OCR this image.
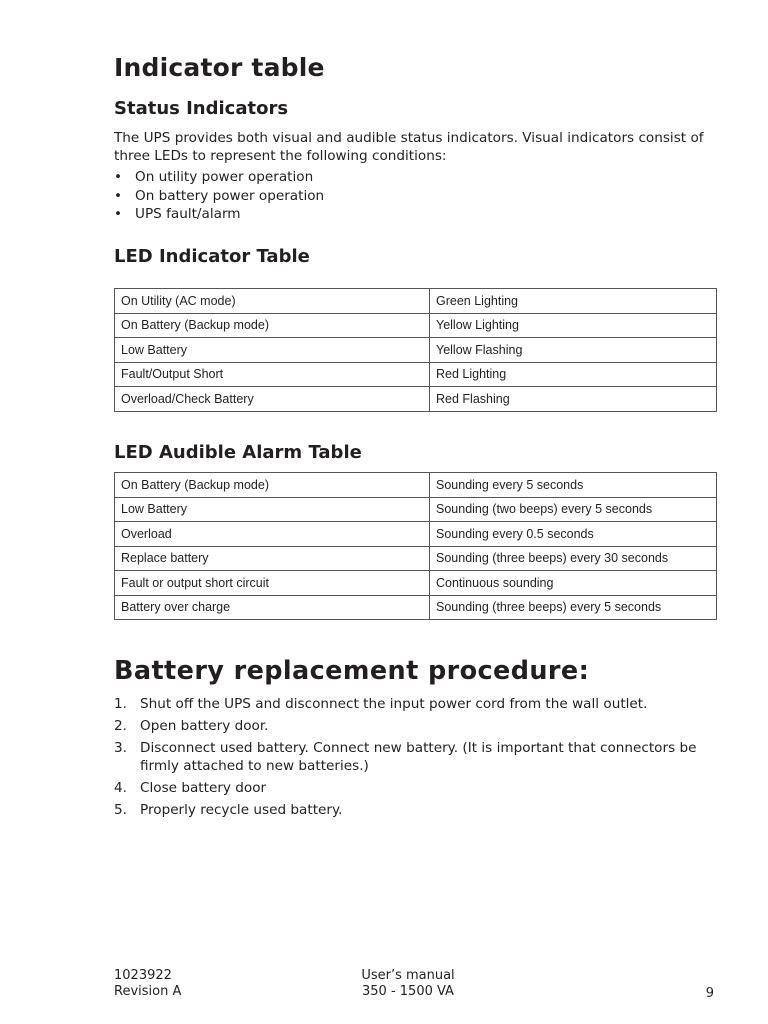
Indicator table
Status Indicators

The UPS provides both visual and audible status indicators. Visual indicators consist of three LEDs to represent the following conditions:

• On utility power operation
• On battery power operation
• UPS fault/alarm
LED Indicator Table
On Utility (AC mode)	Green Lighting
On Battery (Backup mode)	Yellow Lighting
Low Battery	Yellow Flashing
Fault/Output Short	Red Lighting
Overload/Check Battery	Red Flashing
LED Audible Alarm Table
On Battery (Backup mode)	Sounding every 5 seconds
Low Battery	Sounding (two beeps) every 5 seconds
Overload	Sounding every 0.5 seconds
Replace battery	Sounding (three beeps) every 30 seconds
Fault or output short circuit	Continuous sounding
Battery over charge	Sounding (three beeps) every 5 seconds
Battery replacement procedure:
1. Shut off the UPS and disconnect the input power cord from the wall outlet.
2. Open battery door.
3. Disconnect used battery. Connect new battery. (It is important that connectors be firmly attached to new batteries.)
4. Close battery door
5. Properly recycle used battery.
1023922
Revision A
User’s manual
350 - 1500 VA	9
